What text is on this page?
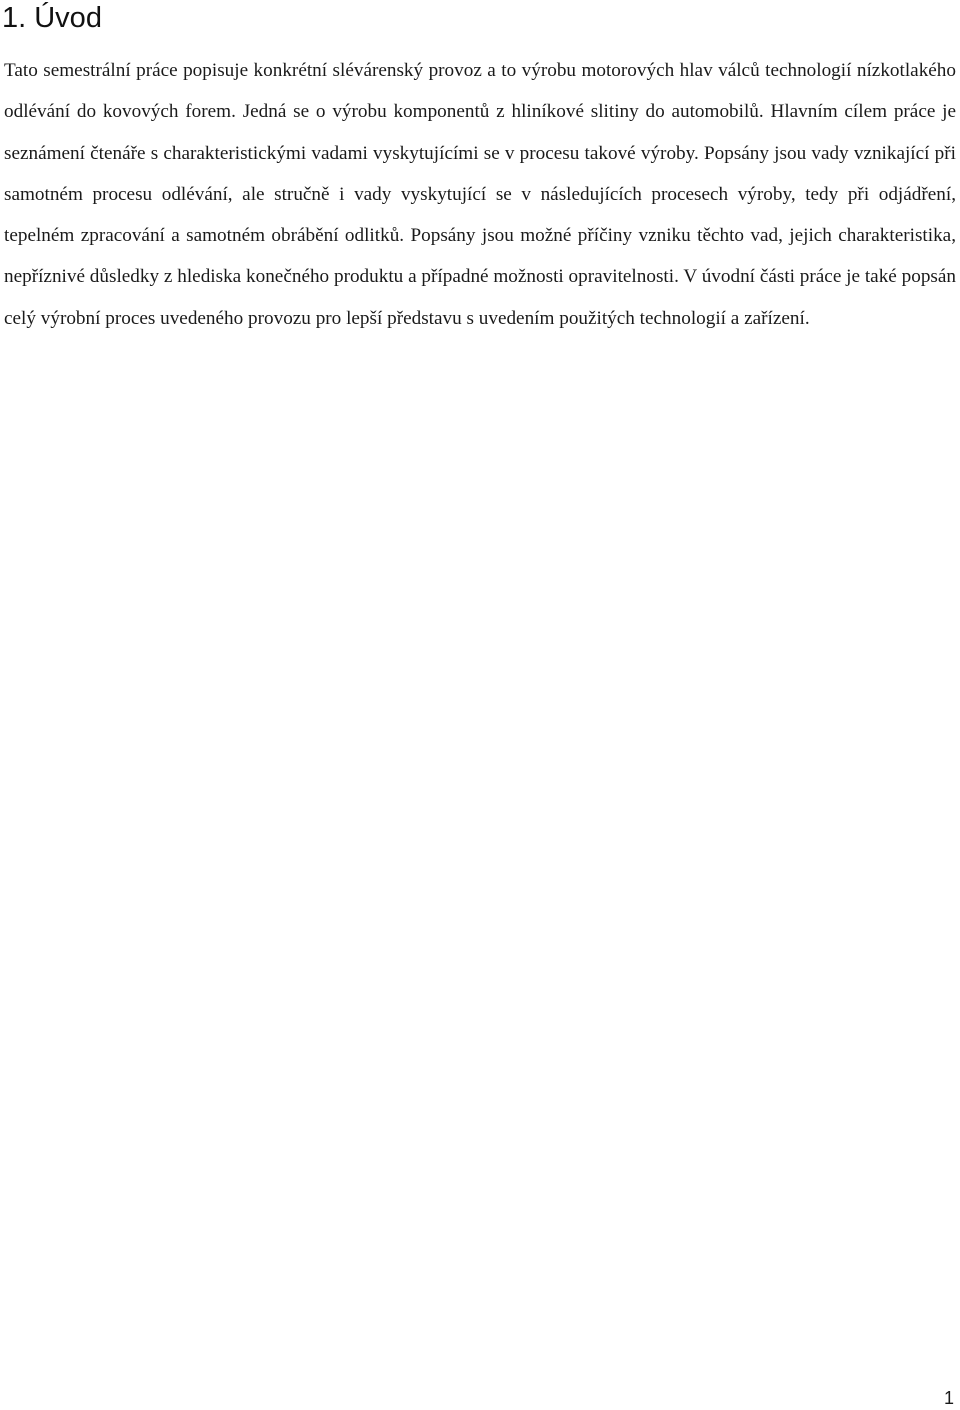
1. Úvod

Tato semestrální práce popisuje konkrétní slévárenský provoz a to výrobu motorových hlav válců technologií nízkotlakého odlévání do kovových forem. Jedná se o výrobu komponentů z hliníkové slitiny do automobilů. Hlavním cílem práce je seznámení čtenáře s charakteristickými vadami vyskytujícími se v procesu takové výroby. Popsány jsou vady vznikající při samotném procesu odlévání, ale stručně i vady vyskytující se v následujících procesech výroby, tedy při odjádření, tepelném zpracování a samotném obrábění odlitků. Popsány jsou možné příčiny vzniku těchto vad, jejich charakteristika, nepříznivé důsledky z hlediska konečného produktu a případné možnosti opravitelnosti. V úvodní části práce je také popsán celý výrobní proces uvedeného provozu pro lepší představu s uvedením použitých technologií a zařízení.

1
